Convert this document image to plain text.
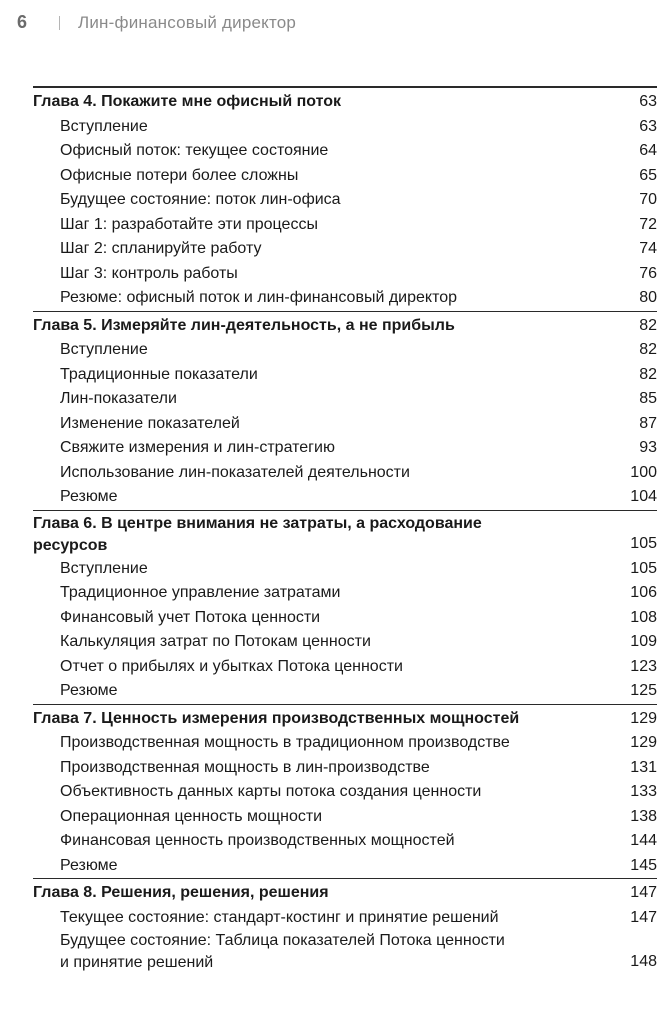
6	Лин-финансовый директор
Глава 4. Покажите мне офисный поток	63
Вступление	63
Офисный поток: текущее состояние	64
Офисные потери более сложны	65
Будущее состояние: поток лин-офиса	70
Шаг 1: разработайте эти процессы	72
Шаг 2: спланируйте работу	74
Шаг 3: контроль работы	76
Резюме: офисный поток и лин-финансовый директор	80
Глава 5. Измеряйте лин-деятельность, а не прибыль	82
Вступление	82
Традиционные показатели	82
Лин-показатели	85
Изменение показателей	87
Свяжите измерения и лин-стратегию	93
Использование лин-показателей деятельности	100
Резюме	104
Глава 6. В центре внимания не затраты, а расходование
ресурсов	105
Вступление	105
Традиционное управление затратами	106
Финансовый учет Потока ценности	108
Калькуляция затрат по Потокам ценности	109
Отчет о прибылях и убытках Потока ценности	123
Резюме	125
Глава 7. Ценность измерения производственных мощностей	129
Производственная мощность в традиционном производстве	129
Производственная мощность в лин-производстве	131
Объективность данных карты потока создания ценности	133
Операционная ценность мощности	138
Финансовая ценность производственных мощностей	144
Резюме	145
Глава 8. Решения, решения, решения	147
Текущее состояние: стандарт-костинг и принятие решений	147
Будущее состояние: Таблица показателей Потока ценности
и принятие решений	148
